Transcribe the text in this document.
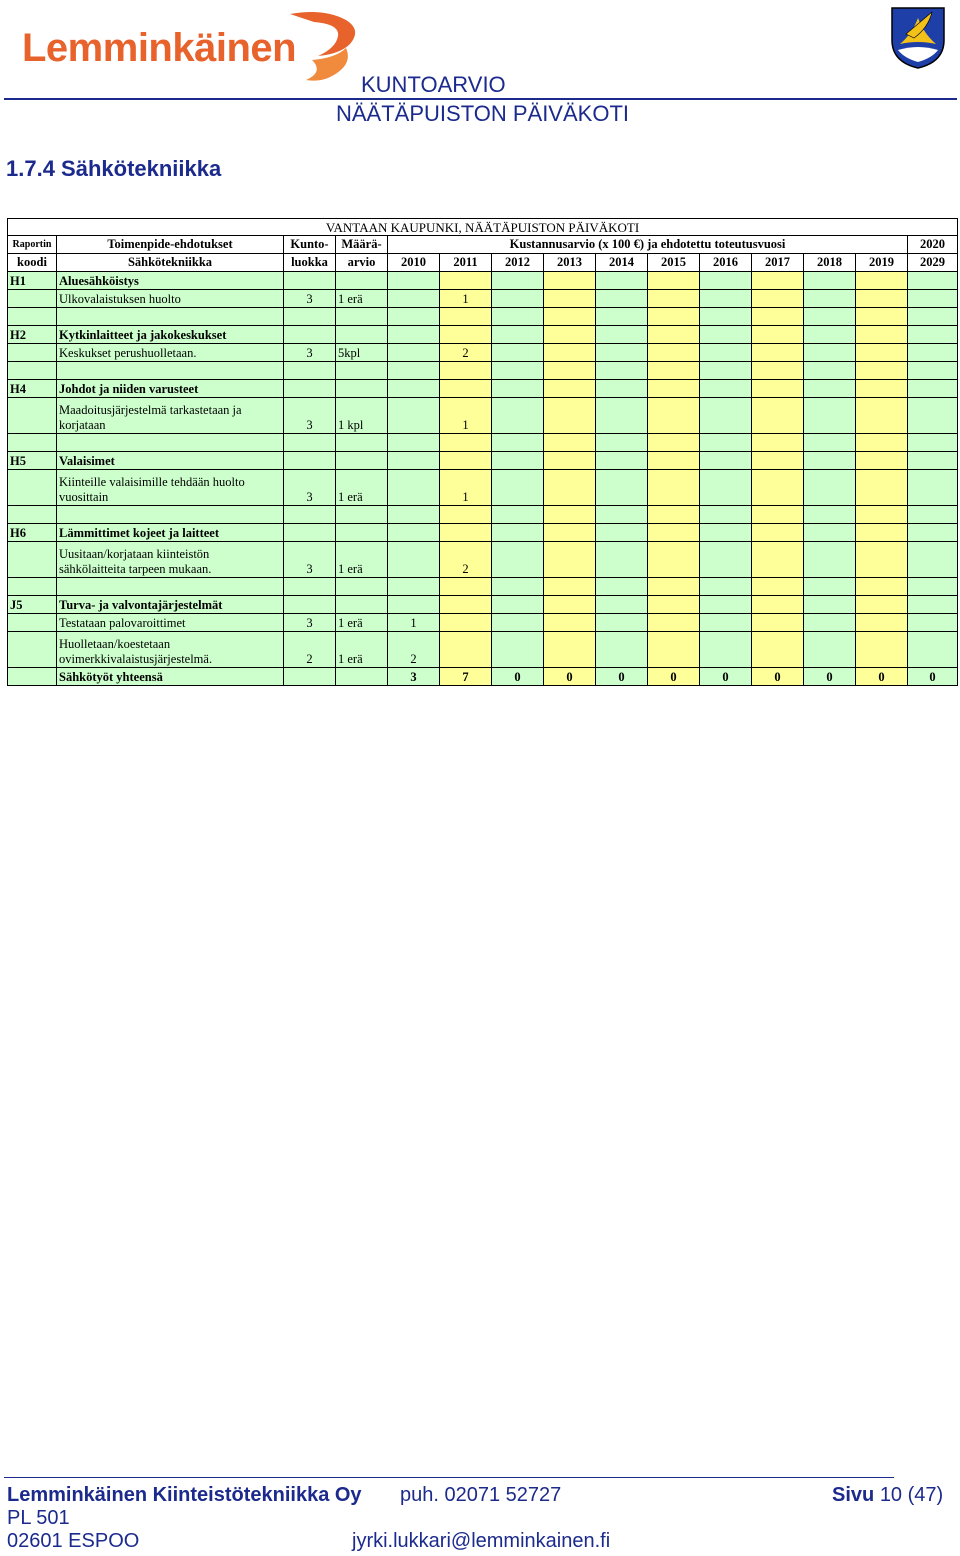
Lemminkäinen
KUNTOARVIO
NÄÄTÄPUISTON PÄIVÄKOTI
1.7.4 Sähkötekniikka
VANTAAN KAUPUNKI, NÄÄTÄPUISTON PÄIVÄKOTI														
Raportin	Toimenpide-ehdotukset	Kunto-	Määrä-	Kustannusarvio (x 100 €) ja ehdotettu toteutusvuosi										2020
koodi	Sähkötekniikka	luokka	arvio	2010	2011	2012	2013	2014	2015	2016	2017	2018	2019	2029
H1	Aluesähköistys													

	Ulkovalaistuksen huolto	3	1 erä		1									

H2	Kytkinlaitteet ja jakokeskukset													

	Keskukset perushuolletaan.	3	5kpl		2									

H4	Johdot ja niiden varusteet													

	Maadoitusjärjestelmä tarkastetaan ja
korjataan	3	1 kpl		1									

H5	Valaisimet													

	Kiinteille valaisimille tehdään huolto
vuosittain	3	1 erä		1									

H6	Lämmittimet kojeet ja laitteet													

	Uusitaan/korjataan kiinteistön
sähkölaitteita tarpeen mukaan.	3	1 erä		2									

J5	Turva- ja valvontajärjestelmät													

	Testataan palovaroittimet	3	1 erä	1										

	Huolletaan/koestetaan
ovimerkkivalaistusjärjestelmä.	2	1 erä	2										
	Sähkötyöt yhteensä			3	7	0	0	0	0	0	0	0	0	0
Lemminkäinen Kiinteistötekniikka Oy puh. 02071 52727	Sivu 10 (47)
PL 501
02601 ESPOO	jyrki.lukkari@lemminkainen.fi
